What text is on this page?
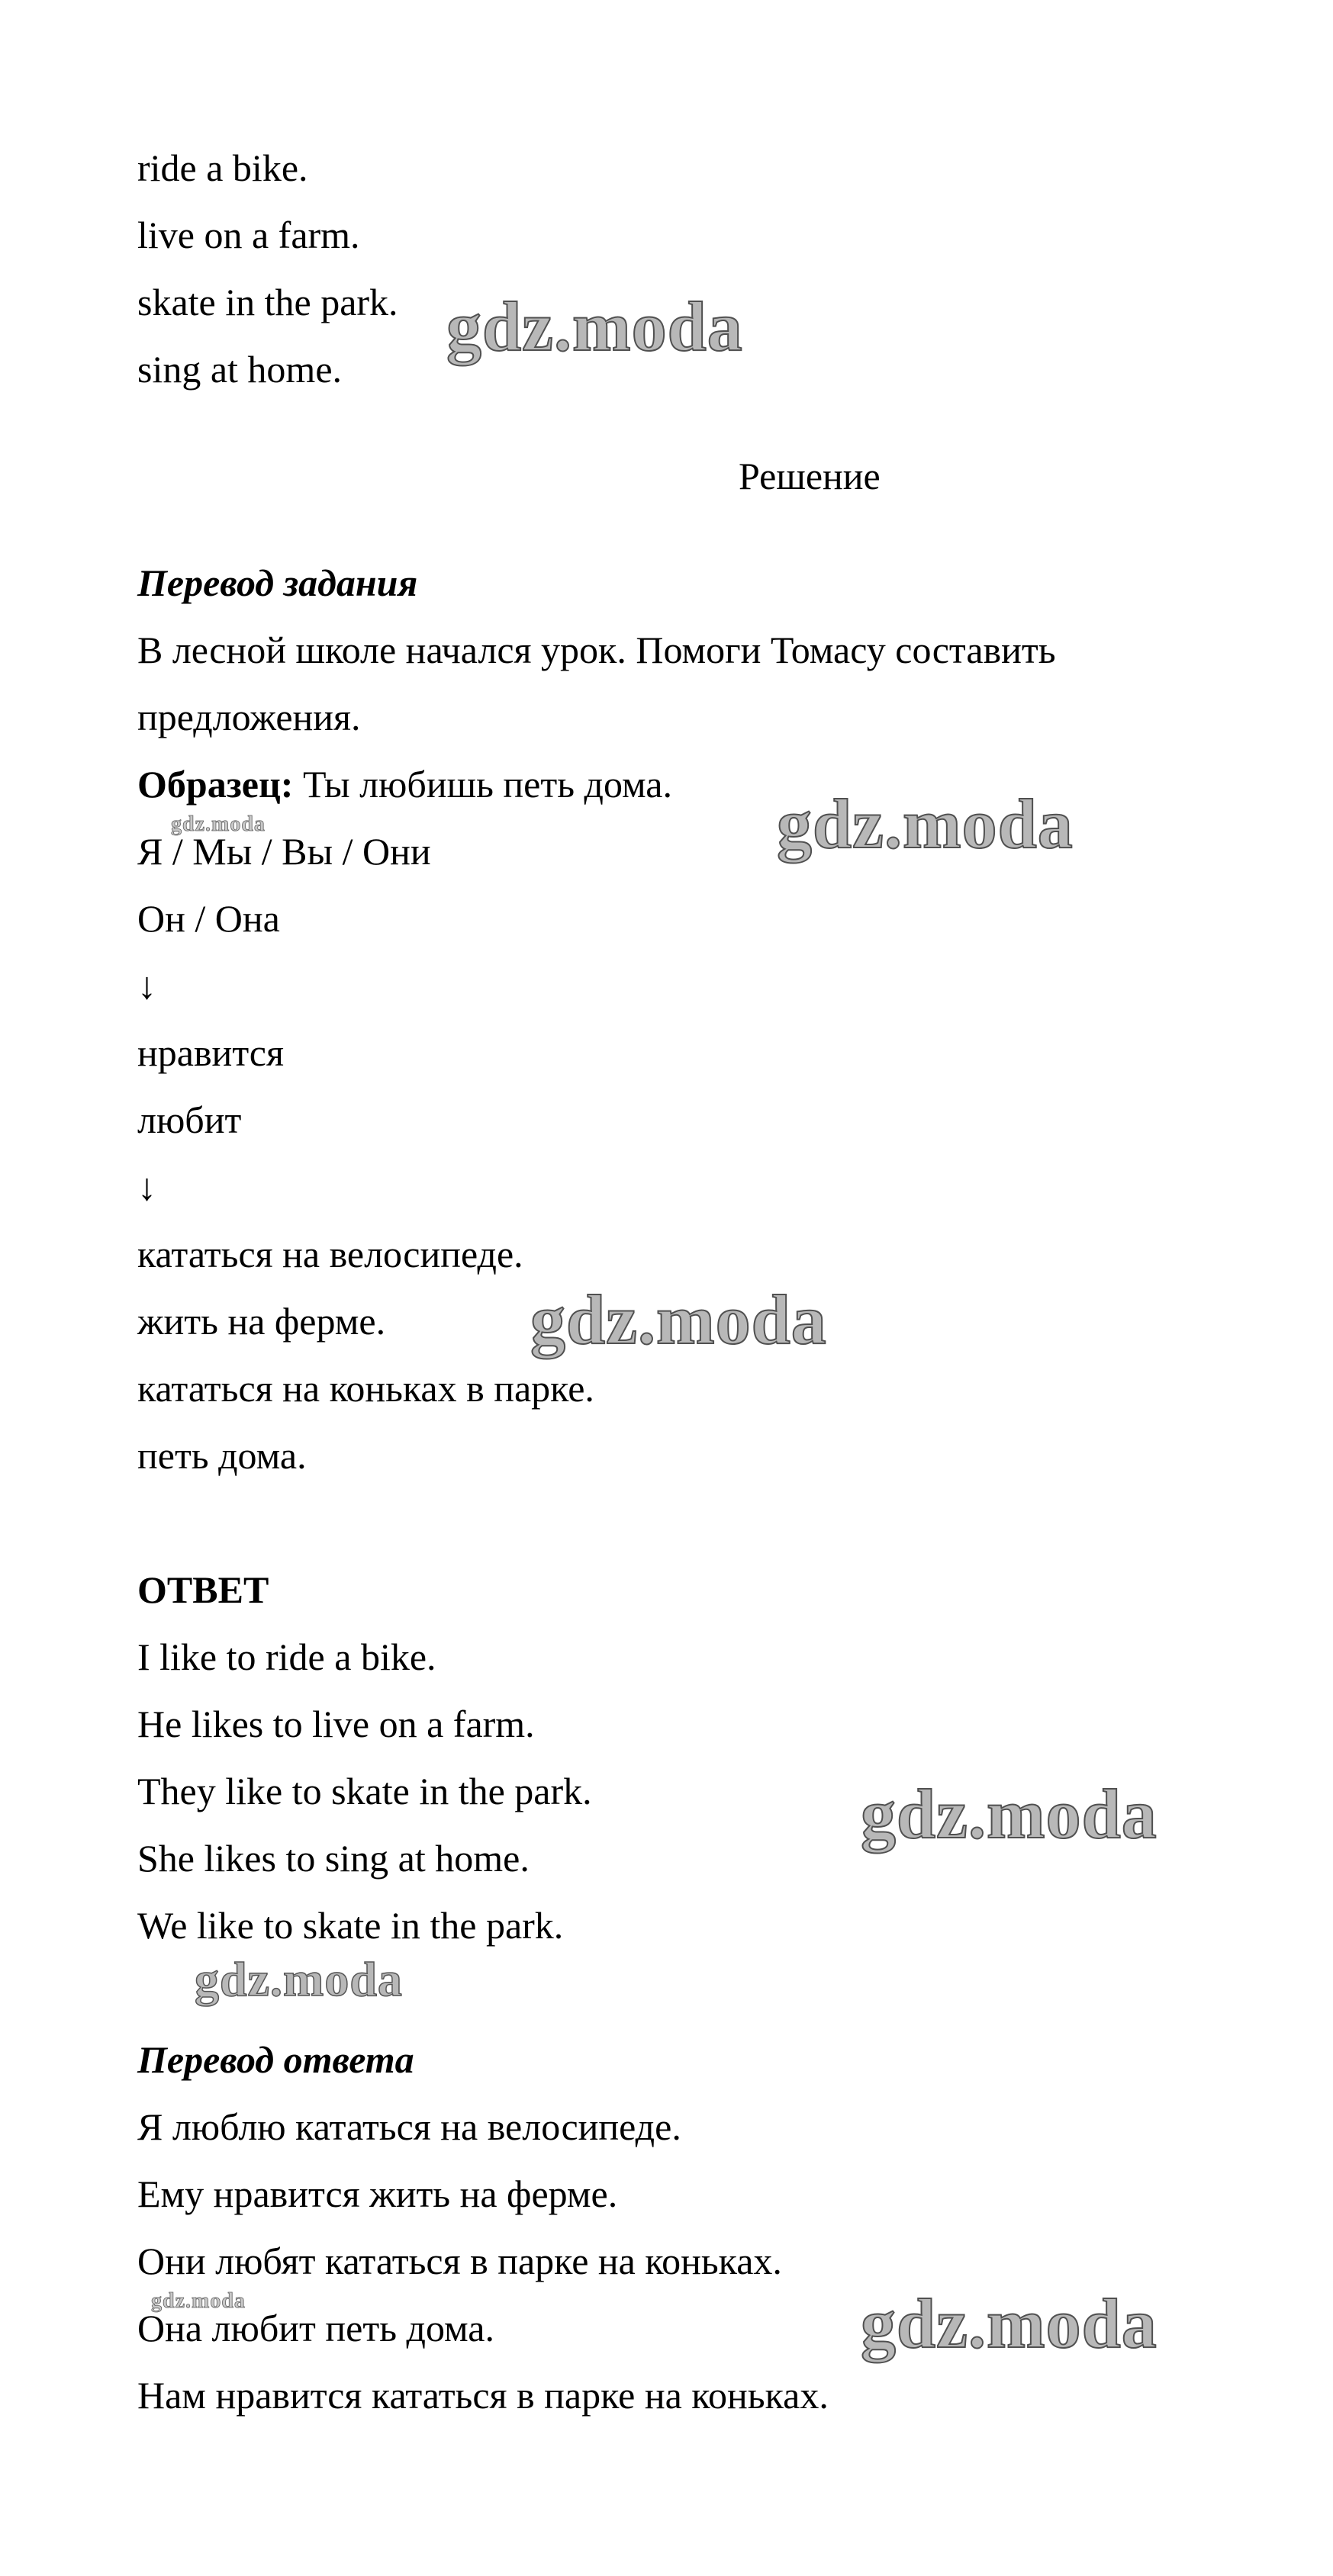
ride a bike.
live on a farm.
skate in the park.
sing at home.
Решение
Перевод задания
В лесной школе начался урок. Помоги Томасу составить
предложения.
Образец: Ты любишь петь дома.
Я / Мы / Вы / Они
Он / Она
↓
нравится
любит
↓
кататься на велосипеде.
жить на ферме.
кататься на коньках в парке.
петь дома.
ОТВЕТ
I like to ride a bike.
He likes to live on a farm.
They like to skate in the park.
She likes to sing at home.
We like to skate in the park.
Перевод ответа
Я люблю кататься на велосипеде.
Ему нравится жить на ферме.
Они любят кататься в парке на коньках.
Она любит петь дома.
Нам нравится кататься в парке на коньках.
gdz.moda
gdz.moda
gdz.moda
gdz.moda
gdz.moda
gdz.moda
gdz.moda	gdz.moda
